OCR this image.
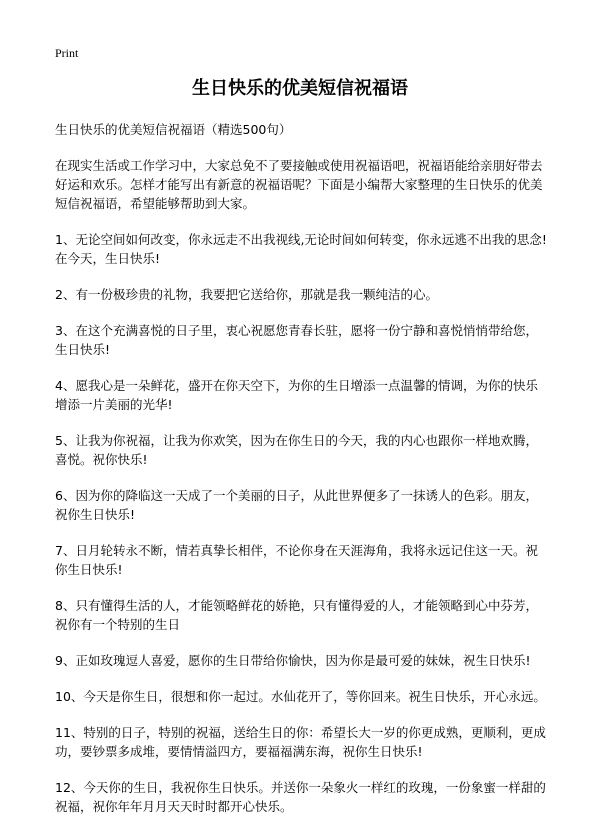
Print
生日快乐的优美短信祝福语

生日快乐的优美短信祝福语（精选500句）

在现实生活或工作学习中，大家总免不了要接触或使用祝福语吧，祝福语能给亲朋好带去好运和欢乐。怎样才能写出有新意的祝福语呢？下面是小编帮大家整理的生日快乐的优美短信祝福语，希望能够帮助到大家。

1、无论空间如何改变，你永远走不出我视线,无论时间如何转变，你永远逃不出我的思念!在今天，生日快乐!

2、有一份极珍贵的礼物，我要把它送给你，那就是我一颗纯洁的心。

3、在这个充满喜悦的日子里，衷心祝愿您青春长驻，愿将一份宁静和喜悦悄悄带给您，生日快乐!

4、愿我心是一朵鲜花，盛开在你天空下，为你的生日增添一点温馨的情调，为你的快乐增添一片美丽的光华!

5、让我为你祝福，让我为你欢笑，因为在你生日的今天，我的内心也跟你一样地欢腾，喜悦。祝你快乐!

6、因为你的降临这一天成了一个美丽的日子，从此世界便多了一抹诱人的色彩。朋友，祝你生日快乐!

7、日月轮转永不断，情若真挚长相伴，不论你身在天涯海角，我将永远记住这一天。祝你生日快乐!

8、只有懂得生活的人，才能领略鲜花的娇艳，只有懂得爱的人，才能领略到心中芬芳，祝你有一个特别的生日

9、正如玫瑰逗人喜爱，愿你的生日带给你愉快，因为你是最可爱的妹妹，祝生日快乐!

10、今天是你生日，很想和你一起过。水仙花开了，等你回来。祝生日快乐，开心永远。

11、特别的日子，特别的祝福，送给生日的你：希望长大一岁的你更成熟，更顺利，更成功，要钞票多成堆，要情情溢四方，要福福满东海，祝你生日快乐!

12、今天你的生日，我祝你生日快乐。并送你一朵象火一样红的玫瑰，一份象蜜一样甜的祝福，祝你年年月月天天时时都开心快乐。
